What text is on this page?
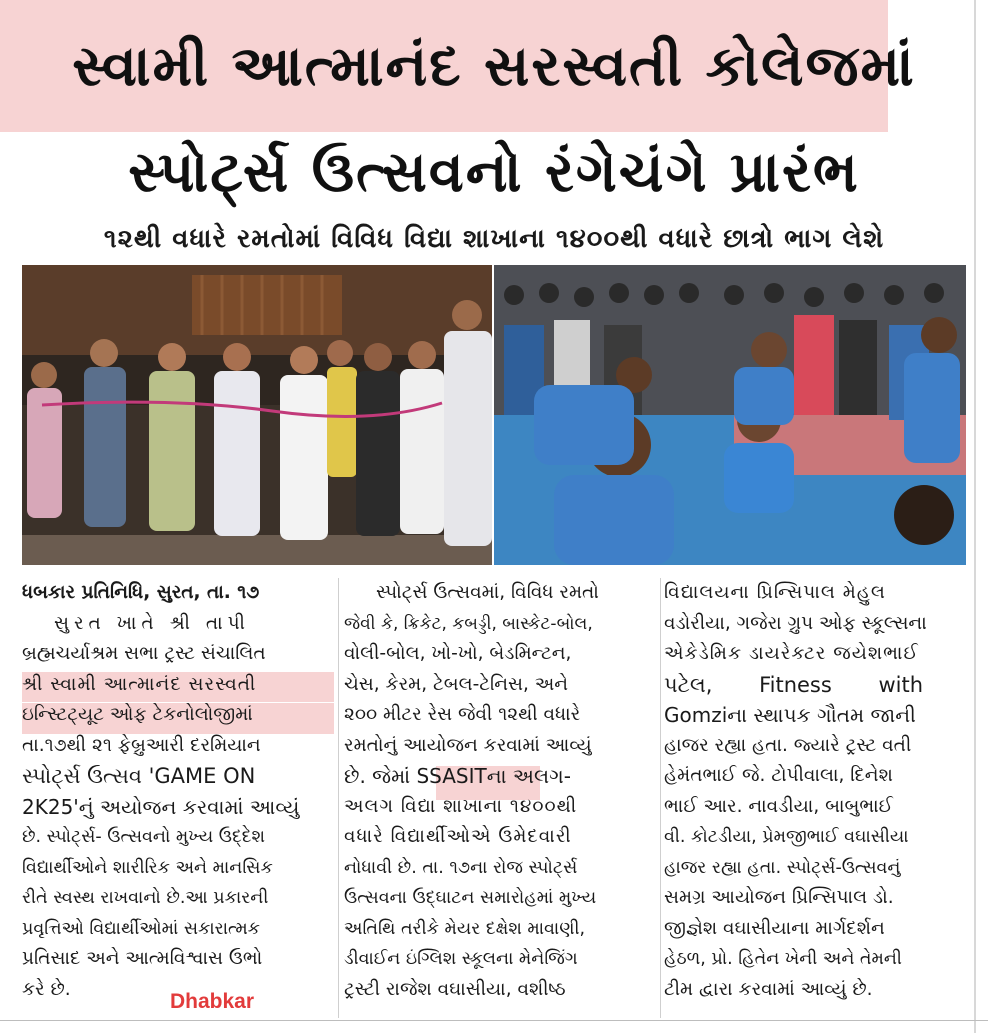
સ્વામી આત્માનંદ સરસ્વતી કોલેજમાં
સ્પોર્ટ્સ ઉત્સવનો રંગેચંગે પ્રારંભ
૧૨થી વધારે રમતોમાં વિવિધ વિદ્યા શાખાના ૧૪૦૦થી વધારે છાત્રો ભાગ લેશે

ધબકાર પ્રતિનિધિ, સુરત, તા. ૧૭

સુરત ખાતે શ્રી તાપી

બ્રહ્મચર્યાશ્રમ સભા ટ્રસ્ટ સંચાલિત

શ્રી સ્વામી આત્માનંદ સરસ્વતી

ઇન્સ્ટિટ્યૂટ ઓફ ટેકનોલોજીમાં

તા.૧૭થી ૨૧ ફેબ્રુઆરી દરમિયાન

સ્પોર્ટ્સ ઉત્સવ 'GAME ON

2K25'નું અયોજન કરવામાં આવ્યું

છે. સ્પોર્ટ્સ- ઉત્સવનો મુખ્ય ઉદ્દેશ

વિદ્યાર્થીઓને શારીરિક અને માનસિક

રીતે સ્વસ્થ રાખવાનો છે.આ પ્રકારની

પ્રવૃત્તિઓ વિદ્યાર્થીઓમાં સકારાત્મક

પ્રતિસાદ અને આત્મવિશ્વાસ ઉભો

કરે છે.

સ્પોર્ટ્સ ઉત્સવમાં, વિવિધ રમતો

જેવી કે, ક્રિકેટ, કબડ્ડી, બાસ્કેટ-બોલ,

વોલી-બોલ, ખો-ખો, બેડમિન્ટન,

ચેસ, કેરમ, ટેબલ-ટેનિસ, અને

૨૦૦ મીટર રેસ જેવી ૧૨થી વધારે

રમતોનું આયોજન કરવામાં આવ્યું

છે. જેમાં SSASITના અલગ-

અલગ વિદ્યા શાખાના ૧૪૦૦થી

વધારે વિદ્યાર્થીઓએ ઉમેદવારી

નોધાવી છે. તા. ૧૭ના રોજ સ્પોર્ટ્સ

ઉત્સવના ઉદ્ઘાટન સમારોહમાં મુખ્ય

અતિથિ તરીકે મેયર દક્ષેશ માવાણી,

ડીવાઈન ઇંગ્લિશ સ્કૂલના મેનેજિંગ

ટ્રસ્ટી રાજેશ વઘાસીયા, વશીષ્ઠ

વિદ્યાલયના પ્રિન્સિપાલ મેહુલ

વડોરીયા, ગજેરા ગ્રુપ ઓફ સ્કૂલ્સના

એકેડેમિક ડાયરેક્ટર જયેશભાઈ

પટેલ, Fitness with

Gomziના સ્થાપક ગૌતમ જાની

હાજર રહ્યા હતા. જ્યારે ટ્રસ્ટ વતી

હેમંતભાઈ જે. ટોપીવાલા, દિનેશ

ભાઈ આર. નાવડીયા, બાબુભાઈ

વી. કોટડીયા, પ્રેમજીભાઈ વઘાસીયા

હાજર રહ્યા હતા. સ્પોર્ટ્સ-ઉત્સવનું

સમગ્ર આયોજન પ્રિન્સિપાલ ડો.

જીજ્ઞેશ વઘાસીયાના માર્ગદર્શન

હેઠળ, પ્રો. હિતેન ખેની અને તેમની

ટીમ દ્વારા કરવામાં આવ્યું છે.

Dhabkar
